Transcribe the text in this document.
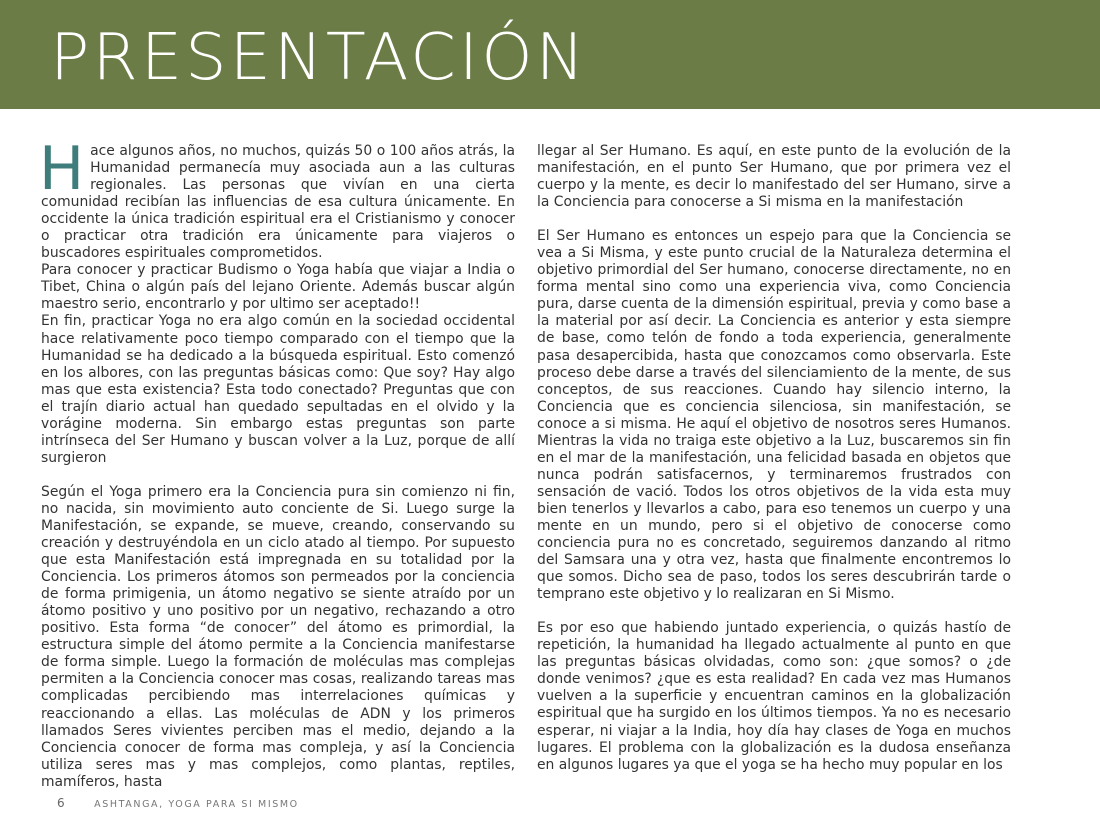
PRESENTACIÓN

Hace algunos años, no muchos, quizás 50 o 100 años atrás, la Humanidad permanecía muy asociada aun a las culturas regionales. Las personas que vivían en una cierta comunidad recibían las influencias de esa cultura únicamente. En occidente la única tradición espiritual era el Cristianismo y conocer o practicar otra tradición era únicamente para viajeros o buscadores espirituales comprometidos.

Para conocer y practicar Budismo o Yoga había que viajar a India o Tibet, China o algún país del lejano Oriente. Además buscar algún maestro serio, encontrarlo y por ultimo ser aceptado!!

En fin, practicar Yoga no era algo común en la sociedad occidental hace relativamente poco tiempo comparado con el tiempo que la Humanidad se ha dedicado a la búsqueda espiritual. Esto comenzó en los albores, con las preguntas básicas como: Que soy? Hay algo mas que esta existencia? Esta todo conectado? Preguntas que con el trajín diario actual han quedado sepultadas en el olvido y la vorágine moderna. Sin embargo estas preguntas son parte intrínseca del Ser Humano y buscan volver a la Luz, porque de allí surgieron

Según el Yoga primero era la Conciencia pura sin comienzo ni fin, no nacida, sin movimiento auto conciente de Si. Luego surge la Manifestación, se expande, se mueve, creando, conservando su creación y destruyéndola en un ciclo atado al tiempo. Por supuesto que esta Manifestación está impregnada en su totalidad por la Conciencia. Los primeros átomos son permeados por la conciencia de forma primigenia, un átomo negativo se siente atraído por un átomo positivo y uno positivo por un negativo, rechazando a otro positivo. Esta forma “de conocer” del átomo es primordial, la estructura simple del átomo permite a la Conciencia manifestarse de forma simple. Luego la formación de moléculas mas complejas permiten a la Conciencia conocer mas cosas, realizando tareas mas complicadas percibiendo mas interrelaciones químicas y reaccionando a ellas. Las moléculas de ADN y los primeros llamados Seres vivientes perciben mas el medio, dejando a la Conciencia conocer de forma mas compleja, y así la Conciencia utiliza seres mas y mas complejos, como plantas, reptiles, mamíferos, hasta

llegar al Ser Humano. Es aquí, en este punto de la evolución de la manifestación, en el punto Ser Humano, que por primera vez el cuerpo y la mente, es decir lo manifestado del ser Humano, sirve a la Conciencia para conocerse a Si misma en la manifestación

El Ser Humano es entonces un espejo para que la Conciencia se vea a Si Misma, y este punto crucial de la Naturaleza determina el objetivo primordial del Ser humano, conocerse directamente, no en forma mental sino como una experiencia viva, como Conciencia pura, darse cuenta de la dimensión espiritual, previa y como base a la material por así decir. La Conciencia es anterior y esta siempre de base, como telón de fondo a toda experiencia, generalmente pasa desapercibida, hasta que conozcamos como observarla. Este proceso debe darse a través del silenciamiento de la mente, de sus conceptos, de sus reacciones. Cuando hay silencio interno, la Conciencia que es conciencia silenciosa, sin manifestación, se conoce a si misma. He aquí el objetivo de nosotros seres Humanos. Mientras la vida no traiga este objetivo a la Luz, buscaremos sin fin en el mar de la manifestación, una felicidad basada en objetos que nunca podrán satisfacernos, y terminaremos frustrados con sensación de vació. Todos los otros objetivos de la vida esta muy bien tenerlos y llevarlos a cabo, para eso tenemos un cuerpo y una mente en un mundo, pero si el objetivo de conocerse como conciencia pura no es concretado, seguiremos danzando al ritmo del Samsara una y otra vez, hasta que finalmente encontremos lo que somos. Dicho sea de paso, todos los seres descubrirán tarde o temprano este objetivo y lo realizaran en Si Mismo.

Es por eso que habiendo juntado experiencia, o quizás hastío de repetición, la humanidad ha llegado actualmente al punto en que las preguntas básicas olvidadas, como son: ¿que somos? o ¿de donde venimos? ¿que es esta realidad? En cada vez mas Humanos vuelven a la superficie y encuentran caminos en la globalización espiritual que ha surgido en los últimos tiempos. Ya no es necesario esperar, ni viajar a la India, hoy día hay clases de Yoga en muchos lugares. El problema con la globalización es la dudosa enseñanza en algunos lugares ya que el yoga se ha hecho muy popular en los

6	ASHTANGA, YOGA PARA SI MISMO
